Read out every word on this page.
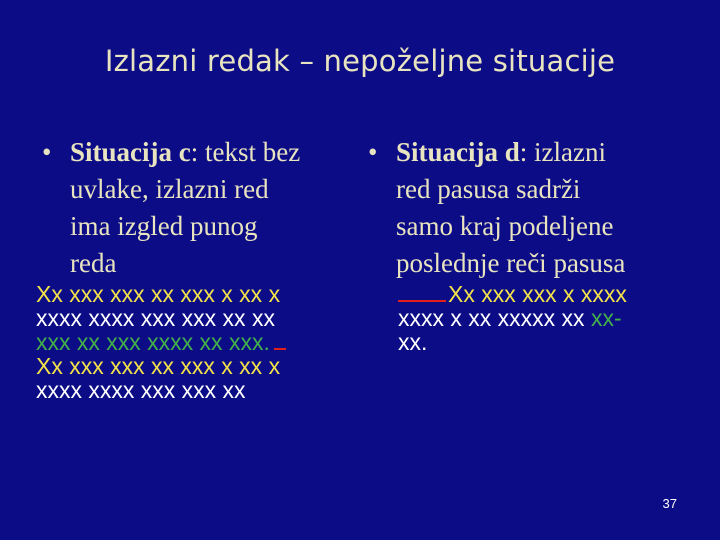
Izlazni redak – nepoželjne situacije
• Situacija c: tekst bez
uvlake, izlazni red
ima izgled punog
reda
Xx xxx xxx xx xxx x xx x
xxxx xxxx xxx xxx xx xx
xxx xx xxx xxxx xx xxx.
Xx xxx xxx xx xxx x xx x
xxxx xxxx xxx xxx xx
• Situacija d: izlazni
red pasusa sadrži
samo kraj podeljene
poslednje reči pasusa
Xx xxx xxx x xxxx
xxxx x xx xxxxx xx xx-
xx.
37
